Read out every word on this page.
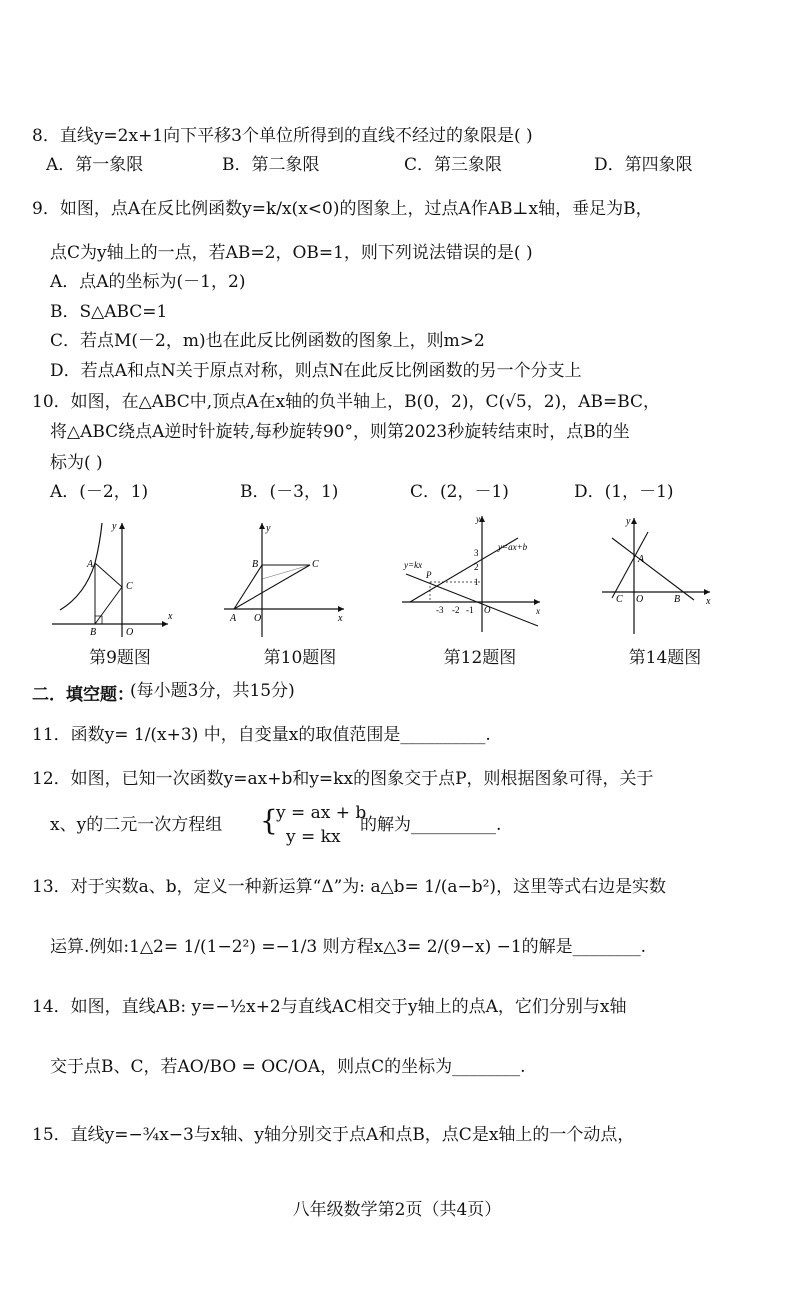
8．直线y=2x+1向下平移3个单位所得到的直线不经过的象限是( )
A．第一象限	B．第二象限	C．第三象限	D．第四象限
9．如图，点A在反比例函数y=k/x(x<0)的图象上，过点A作AB⊥x轴，垂足为B，
点C为y轴上的一点，若AB=2，OB=1，则下列说法错误的是( )
A．点A的坐标为(－1，2)
B．S△ABC=1
C．若点M(－2，m)也在此反比例函数的图象上，则m>2
D．若点A和点N关于原点对称，则点N在此反比例函数的另一个分支上
10．如图，在△ABC中,顶点A在x轴的负半轴上，B(0，2)，C(√5，2)，AB=BC，
将△ABC绕点A逆时针旋转,每秒旋转90°，则第2023秒旋转结束时，点B的坐
标为( )
A．(－2，1)	B．(－3，1)	C．(2，－1)	D．(1，－1)
y
A
C
B	O
x
y
B	C
A O	x
y
y=ax+b
y=kx
P
3
2
1
-3 -2 -1 O	x
y
A
C O	B	x
第9题图	第10题图	第12题图	第14题图
二．填空题：
(每小题3分，共15分)
11．函数y= 1/(x+3) 中，自变量x的取值范围是__________.
12．如图，已知一次函数y=ax+b和y=kx的图象交于点P，则根据图象可得，关于
x、y的二元一次方程组 {
y = ax + b
y = kx
的解为__________.
13．对于实数a、b，定义一种新运算“Δ”为: a△b= 1/(a−b²)，这里等式右边是实数
运算.例如:1△2= 1/(1−2²) =−1/3 则方程x△3= 2/(9−x) −1的解是________.
14．如图，直线AB: y=−½x+2与直线AC相交于y轴上的点A，它们分别与x轴
交于点B、C，若AO/BO = OC/OA，则点C的坐标为________.
15．直线y=−¾x−3与x轴、y轴分别交于点A和点B，点C是x轴上的一个动点，
八年级数学第2页（共4页）
